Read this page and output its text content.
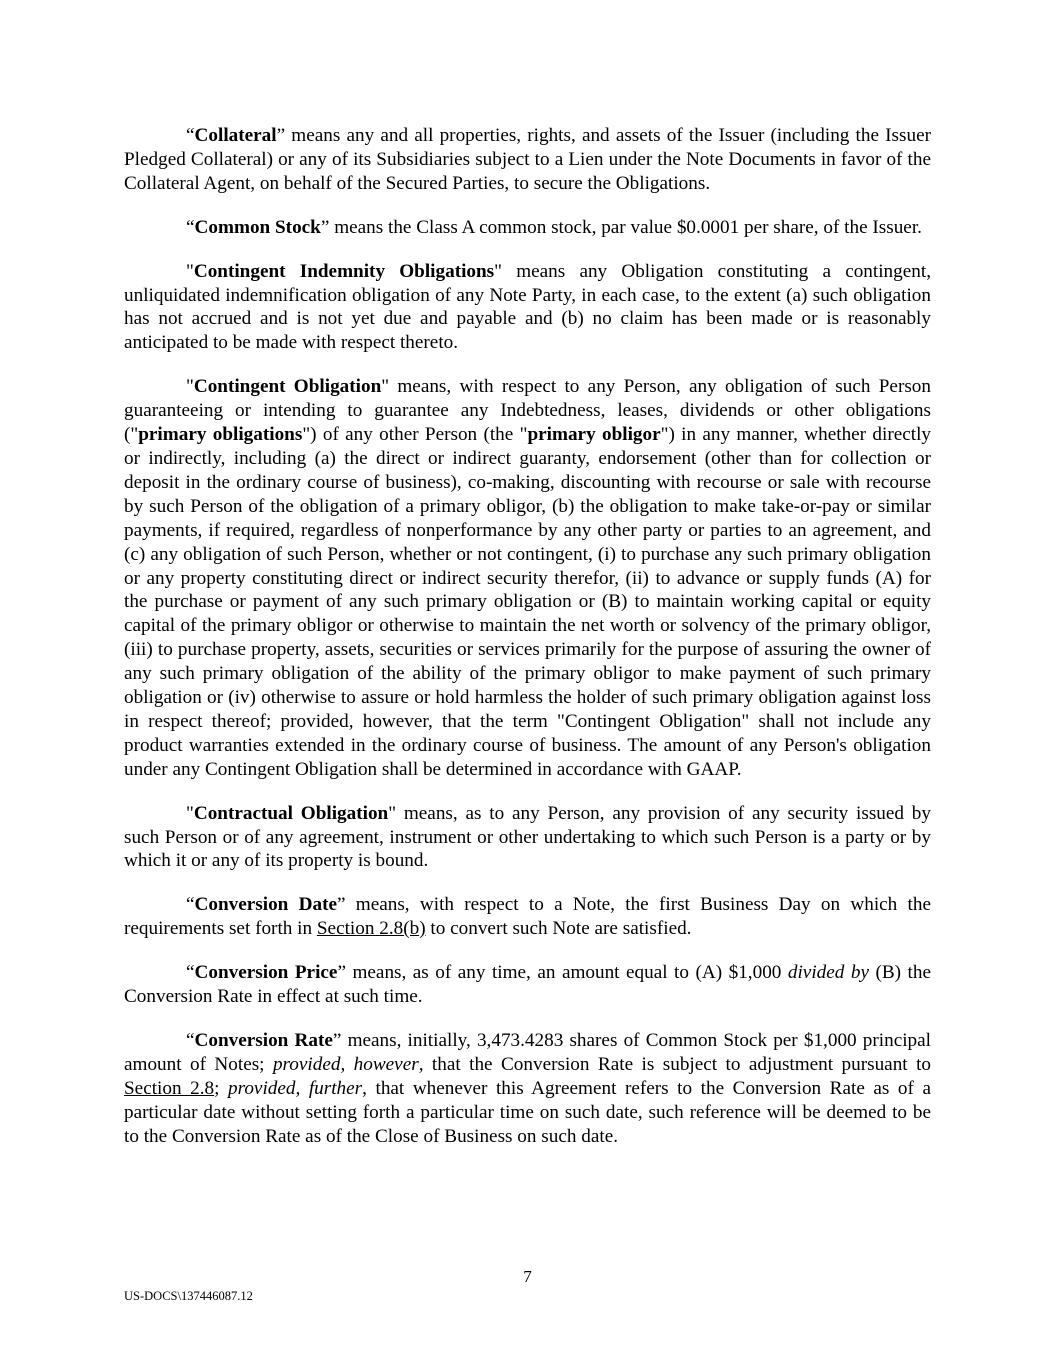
“Collateral” means any and all properties, rights, and assets of the Issuer (including the Issuer Pledged Collateral) or any of its Subsidiaries subject to a Lien under the Note Documents in favor of the Collateral Agent, on behalf of the Secured Parties, to secure the Obligations.

“Common Stock” means the Class A common stock, par value $0.0001 per share, of the Issuer.

"Contingent Indemnity Obligations" means any Obligation constituting a contingent, unliquidated indemnification obligation of any Note Party, in each case, to the extent (a) such obligation has not accrued and is not yet due and payable and (b) no claim has been made or is reasonably anticipated to be made with respect thereto.

"Contingent Obligation" means, with respect to any Person, any obligation of such Person guaranteeing or intending to guarantee any Indebtedness, leases, dividends or other obligations ("primary obligations") of any other Person (the "primary obligor") in any manner, whether directly or indirectly, including (a) the direct or indirect guaranty, endorsement (other than for collection or deposit in the ordinary course of business), co-making, discounting with recourse or sale with recourse by such Person of the obligation of a primary obligor, (b) the obligation to make take-or-pay or similar payments, if required, regardless of nonperformance by any other party or parties to an agreement, and (c) any obligation of such Person, whether or not contingent, (i) to purchase any such primary obligation or any property constituting direct or indirect security therefor, (ii) to advance or supply funds (A) for the purchase or payment of any such primary obligation or (B) to maintain working capital or equity capital of the primary obligor or otherwise to maintain the net worth or solvency of the primary obligor, (iii) to purchase property, assets, securities or services primarily for the purpose of assuring the owner of any such primary obligation of the ability of the primary obligor to make payment of such primary obligation or (iv) otherwise to assure or hold harmless the holder of such primary obligation against loss in respect thereof; provided, however, that the term "Contingent Obligation" shall not include any product warranties extended in the ordinary course of business. The amount of any Person's obligation under any Contingent Obligation shall be determined in accordance with GAAP.

"Contractual Obligation" means, as to any Person, any provision of any security issued by such Person or of any agreement, instrument or other undertaking to which such Person is a party or by which it or any of its property is bound.

“Conversion Date” means, with respect to a Note, the first Business Day on which the requirements set forth in Section 2.8(b) to convert such Note are satisfied.

“Conversion Price” means, as of any time, an amount equal to (A) $1,000 divided by (B) the Conversion Rate in effect at such time.

“Conversion Rate” means, initially, 3,473.4283 shares of Common Stock per $1,000 principal amount of Notes; provided, however, that the Conversion Rate is subject to adjustment pursuant to Section 2.8; provided, further, that whenever this Agreement refers to the Conversion Rate as of a particular date without setting forth a particular time on such date, such reference will be deemed to be to the Conversion Rate as of the Close of Business on such date.

7
US-DOCS\137446087.12
